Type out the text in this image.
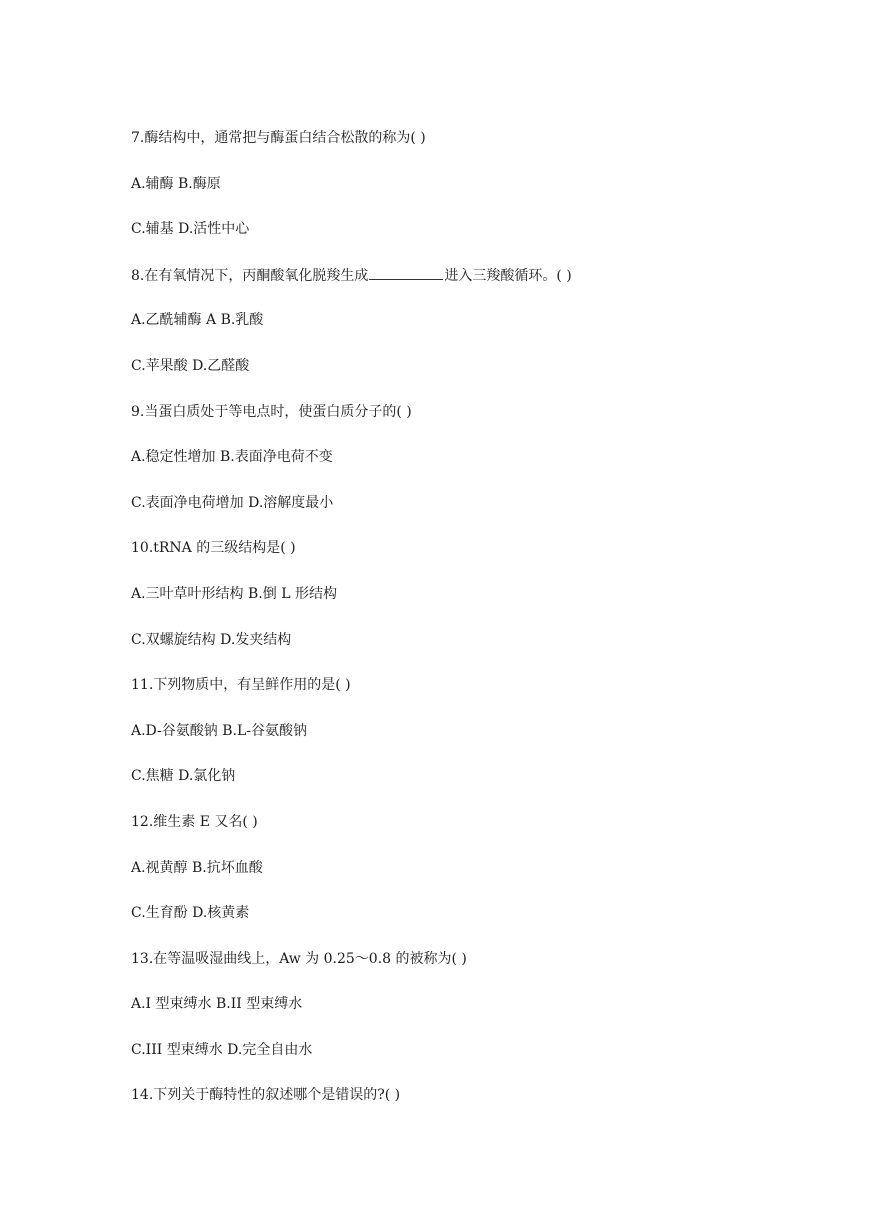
7.酶结构中，通常把与酶蛋白结合松散的称为( )
A.辅酶 B.酶原
C.辅基 D.活性中心
8.在有氧情况下，丙酮酸氧化脱羧生成	进入三羧酸循环。( )
A.乙酰辅酶 A B.乳酸
C.苹果酸 D.乙醛酸
9.当蛋白质处于等电点时，使蛋白质分子的( )
A.稳定性增加 B.表面净电荷不变
C.表面净电荷增加 D.溶解度最小
10.tRNA 的三级结构是( )
A.三叶草叶形结构 B.倒 L 形结构
C.双螺旋结构 D.发夹结构
11.下列物质中，有呈鲜作用的是( )
A.D-谷氨酸钠 B.L-谷氨酸钠
C.焦糖 D.氯化钠
12.维生素 E 又名( )
A.视黄醇 B.抗坏血酸
C.生育酚 D.核黄素
13.在等温吸湿曲线上，Aw 为 0.25～0.8 的被称为( )
A.I 型束缚水 B.II 型束缚水
C.III 型束缚水 D.完全自由水
14.下列关于酶特性的叙述哪个是错误的?( )
